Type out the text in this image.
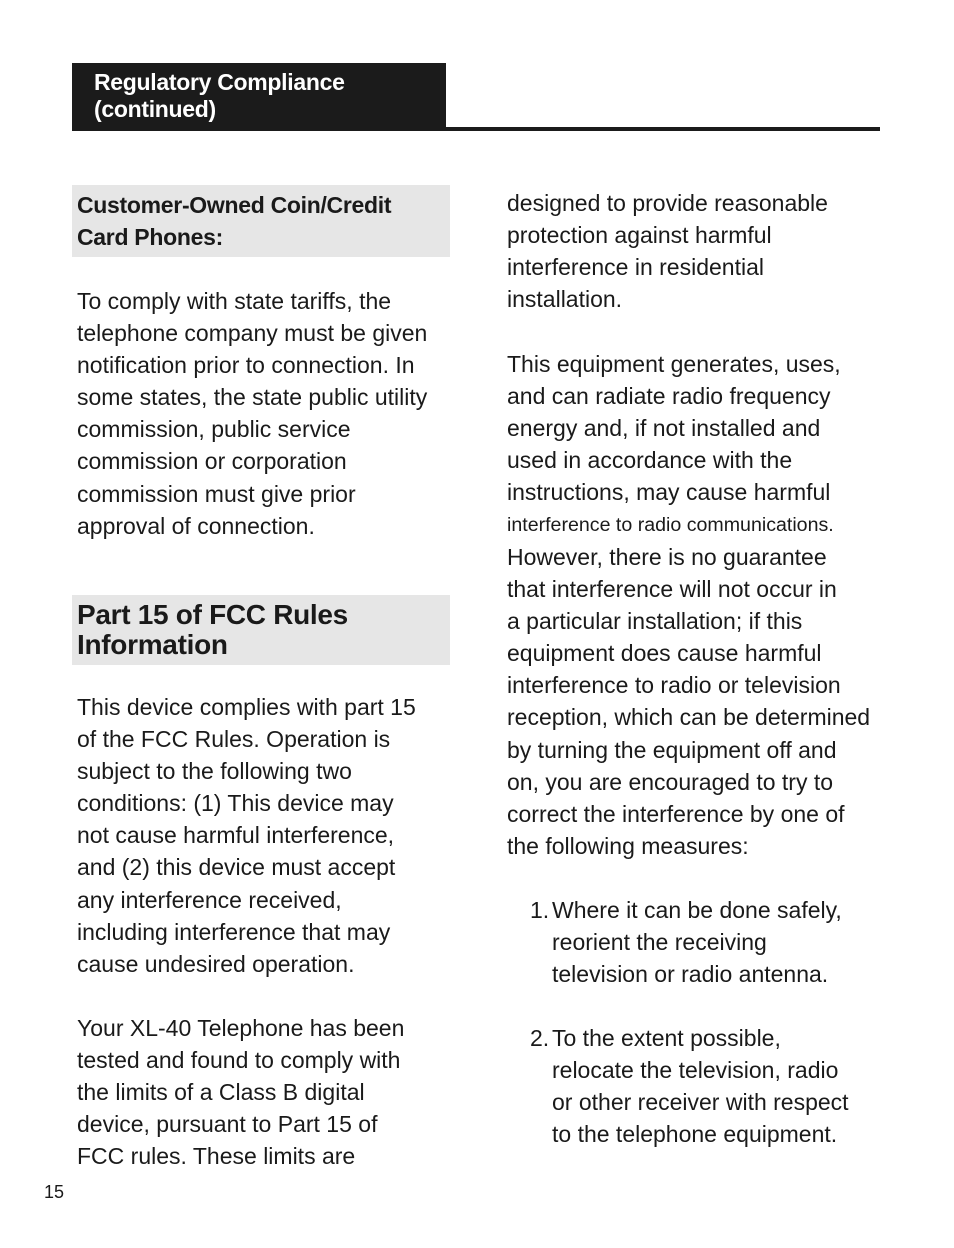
Regulatory Compliance
(continued)
Customer-Owned Coin/Credit
Card Phones:

To comply with state tariffs, the
telephone company must be given
notification prior to connection. In
some states, the state public utility
commission, public service
commission or corporation
commission must give prior
approval of connection.

Part 15 of FCC Rules
Information

This device complies with part 15
of the FCC Rules. Operation is
subject to the following two
conditions: (1) This device may
not cause harmful interference,
and (2) this device must accept
any interference received,
including interference that may
cause undesired operation.

Your XL-40 Telephone has been
tested and found to comply with
the limits of a Class B digital
device, pursuant to Part 15 of
FCC rules. These limits are

designed to provide reasonable
protection against harmful
interference in residential
installation.

This equipment generates, uses,
and can radiate radio frequency
energy and, if not installed and
used in accordance with the
instructions, may cause harmful

interference to radio communications.

However, there is no guarantee
that interference will not occur in
a particular installation; if this
equipment does cause harmful
interference to radio or television
reception, which can be determined
by turning the equipment off and
on, you are encouraged to try to
correct the interference by one of
the following measures:

1. Where it can be done safely,
reorient the receiving
television or radio antenna.

2. To the extent possible,
relocate the television, radio
or other receiver with respect
to the telephone equipment.

15
